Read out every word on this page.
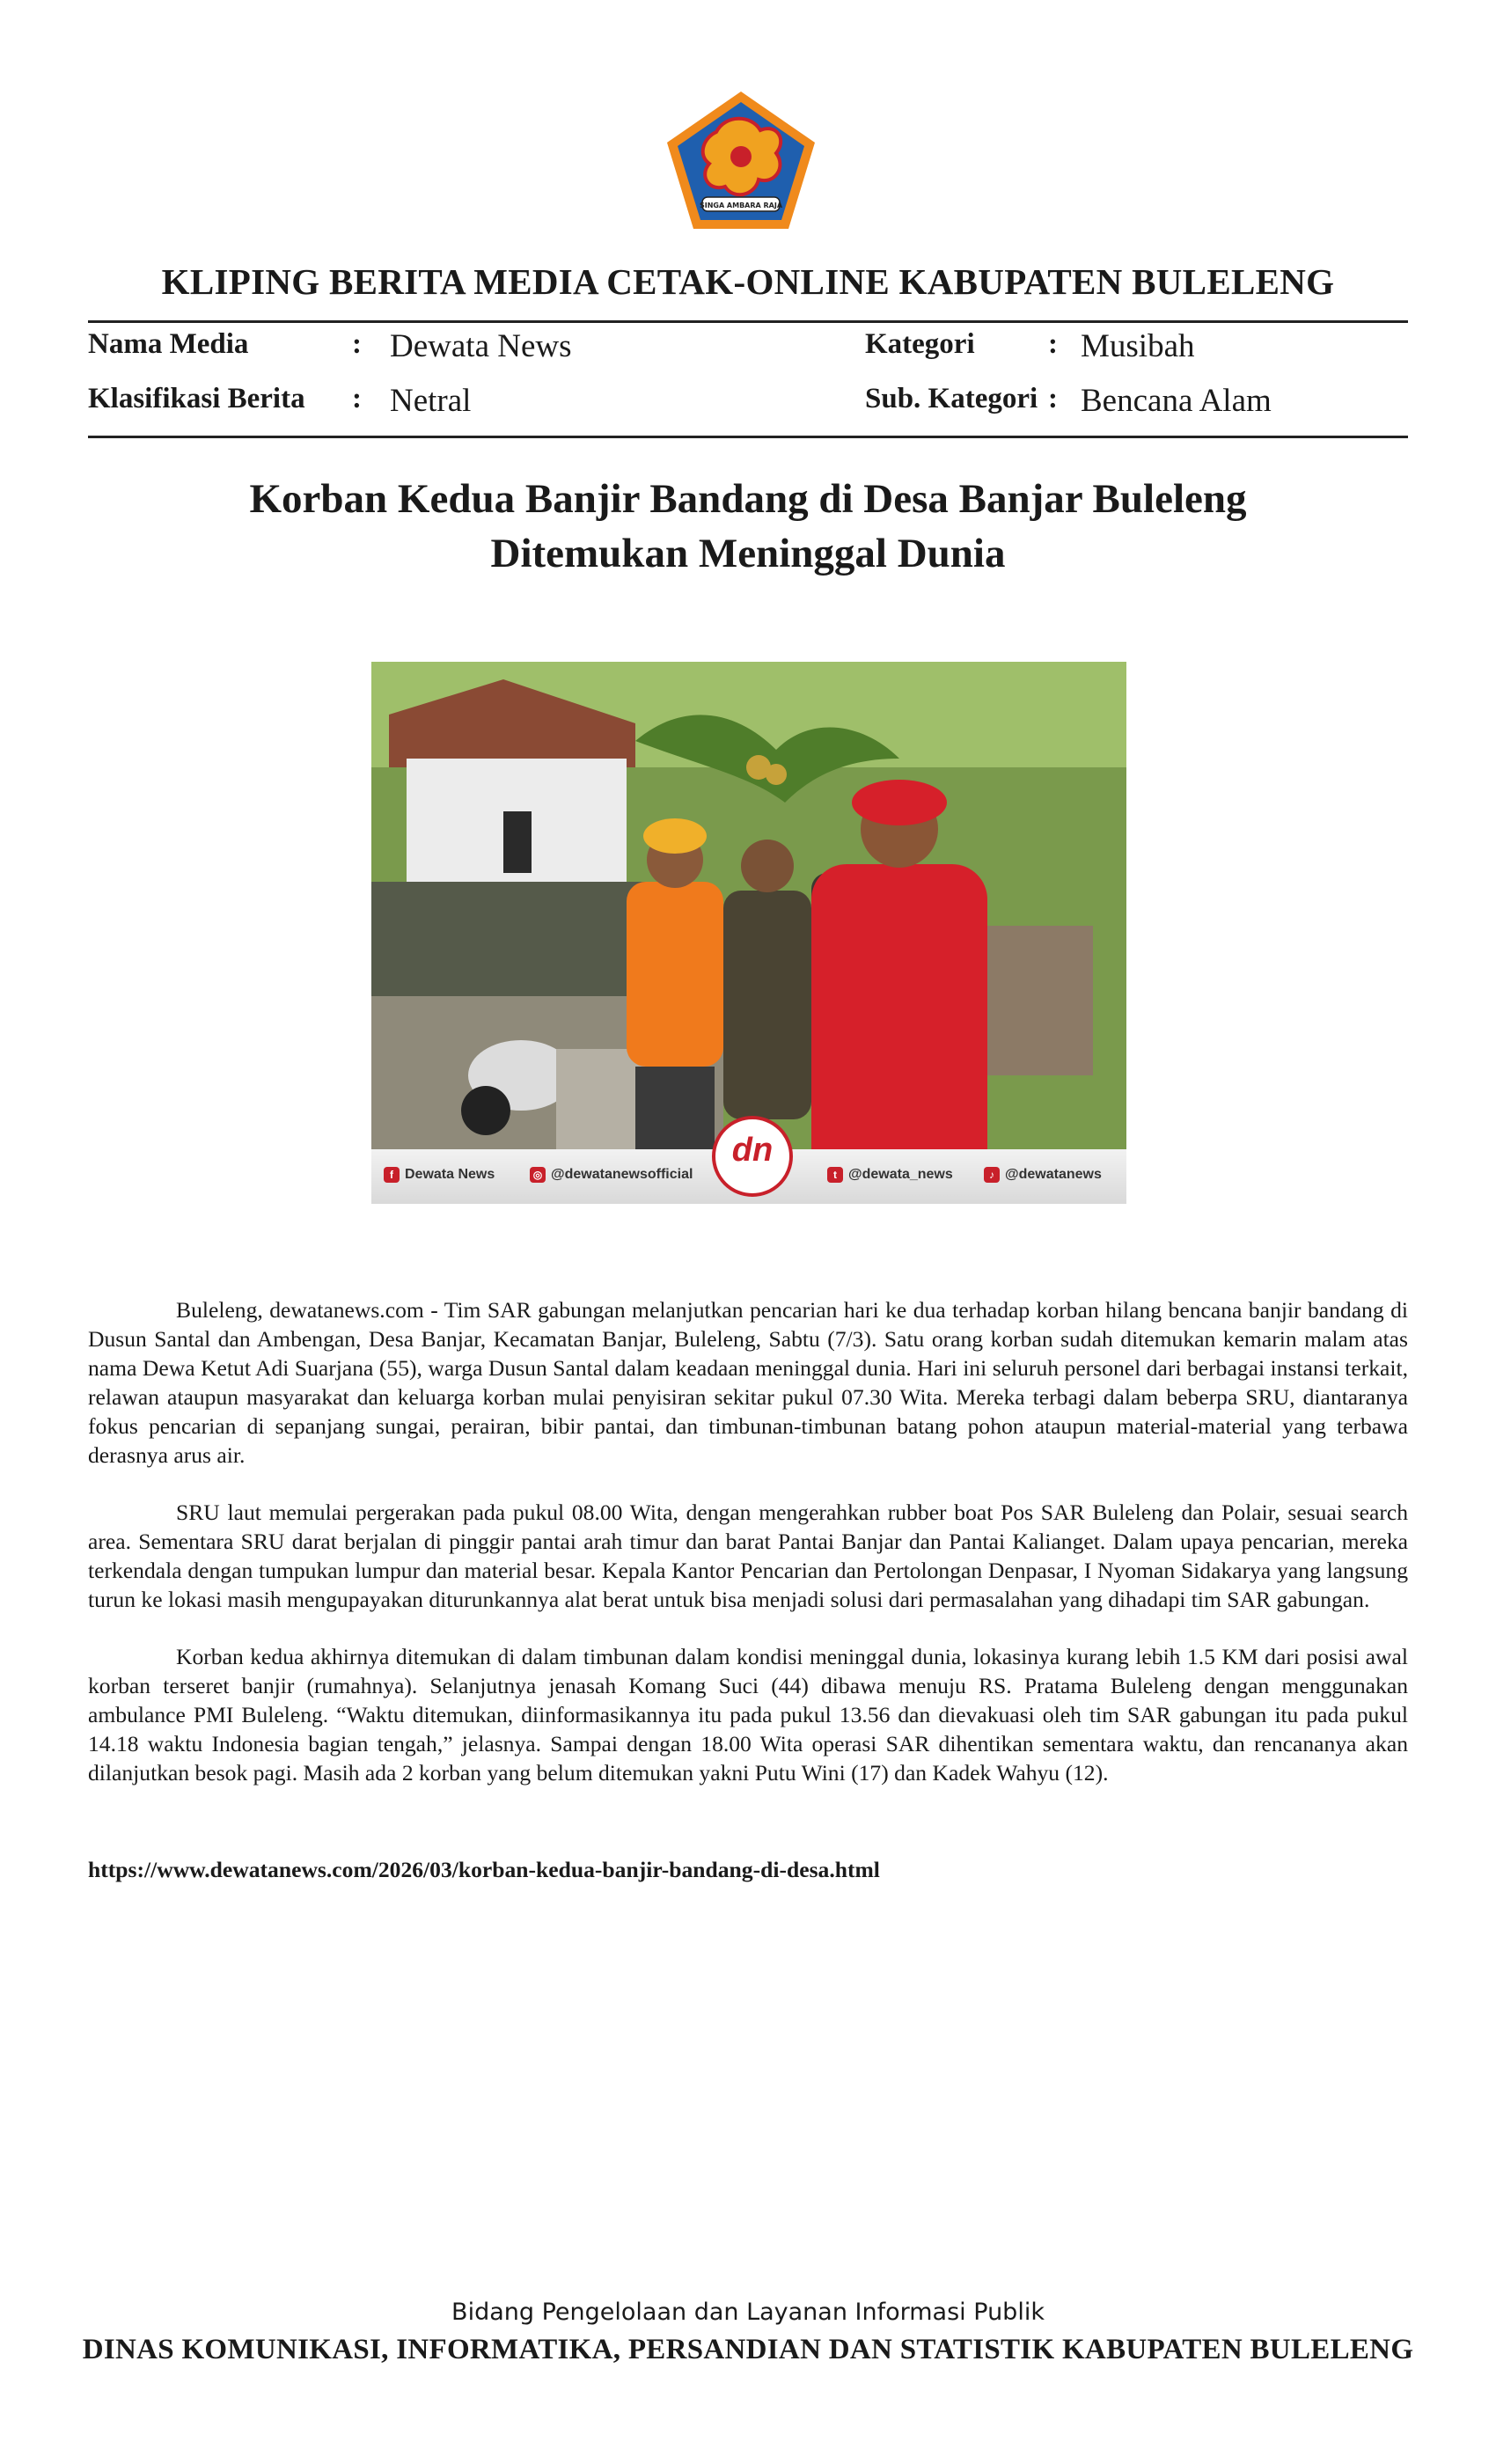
SINGA AMBARA RAJA
KLIPING BERITA MEDIA CETAK-ONLINE KABUPATEN BULELENG
Nama Media	: Dewata News	Kategori	: Musibah
Klasifikasi Berita : Netral	Sub. Kategori : Bencana Alam
Korban Kedua Banjir Bandang di Desa Banjar Buleleng
Ditemukan Meninggal Dunia
f Dewata News	◎ @dewatanewsofficial
dn
t @dewata_news	♪ @dewatanews

Buleleng, dewatanews.com - Tim SAR gabungan melanjutkan pencarian hari ke dua terhadap korban hilang bencana banjir bandang di Dusun Santal dan Ambengan, Desa Banjar, Kecamatan Banjar, Buleleng, Sabtu (7/3). Satu orang korban sudah ditemukan kemarin malam atas nama Dewa Ketut Adi Suarjana (55), warga Dusun Santal dalam keadaan meninggal dunia. Hari ini seluruh personel dari berbagai instansi terkait, relawan ataupun masyarakat dan keluarga korban mulai penyisiran sekitar pukul 07.30 Wita. Mereka terbagi dalam beberpa SRU, diantaranya fokus pencarian di sepanjang sungai, perairan, bibir pantai, dan timbunan-timbunan batang pohon ataupun material-material yang terbawa derasnya arus air.

SRU laut memulai pergerakan pada pukul 08.00 Wita, dengan mengerahkan rubber boat Pos SAR Buleleng dan Polair, sesuai search area. Sementara SRU darat berjalan di pinggir pantai arah timur dan barat Pantai Banjar dan Pantai Kalianget. Dalam upaya pencarian, mereka terkendala dengan tumpukan lumpur dan material besar. Kepala Kantor Pencarian dan Pertolongan Denpasar, I Nyoman Sidakarya yang langsung turun ke lokasi masih mengupayakan diturunkannya alat berat untuk bisa menjadi solusi dari permasalahan yang dihadapi tim SAR gabungan.

Korban kedua akhirnya ditemukan di dalam timbunan dalam kondisi meninggal dunia, lokasinya kurang lebih 1.5 KM dari posisi awal korban terseret banjir (rumahnya). Selanjutnya jenasah Komang Suci (44) dibawa menuju RS. Pratama Buleleng dengan menggunakan ambulance PMI Buleleng. “Waktu ditemukan, diinformasikannya itu pada pukul 13.56 dan dievakuasi oleh tim SAR gabungan itu pada pukul 14.18 waktu Indonesia bagian tengah,” jelasnya. Sampai dengan 18.00 Wita operasi SAR dihentikan sementara waktu, dan rencananya akan dilanjutkan besok pagi. Masih ada 2 korban yang belum ditemukan yakni Putu Wini (17) dan Kadek Wahyu (12).

https://www.dewatanews.com/2026/03/korban-kedua-banjir-bandang-di-desa.html
Bidang Pengelolaan dan Layanan Informasi Publik
DINAS KOMUNIKASI, INFORMATIKA, PERSANDIAN DAN STATISTIK KABUPATEN BULELENG
